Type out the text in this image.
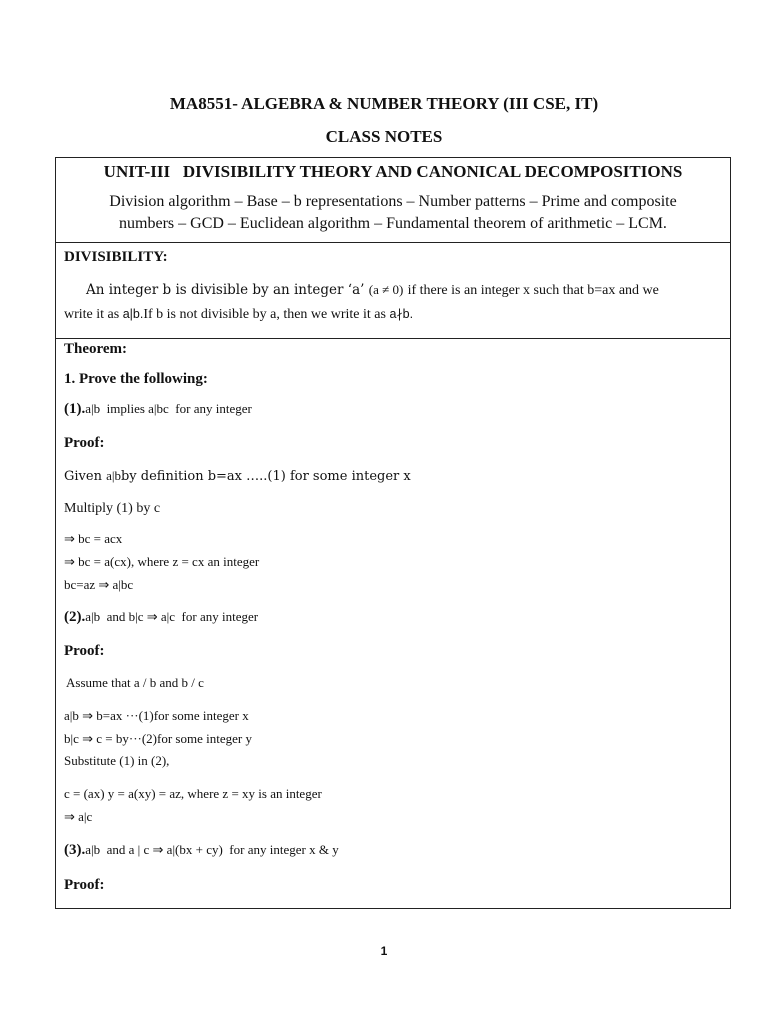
MA8551- ALGEBRA & NUMBER THEORY (III CSE, IT)
CLASS NOTES
UNIT-III   DIVISIBILITY THEORY AND CANONICAL DECOMPOSITIONS
Division algorithm – Base – b representations – Number patterns – Prime and composite
numbers – GCD – Euclidean algorithm – Fundamental theorem of arithmetic – LCM.
DIVISIBILITY:
An integer b is divisible by an integer ‘a’ (a ≠ 0) if there is an integer x such that b=ax and we
write it as a|b.If b is not divisible by a, then we write it as a∤b.
Theorem:
1. Prove the following:
(1).a|b  implies a|bc  for any integer
Proof:
Given a|bby definition b=ax …..(1) for some integer x
Multiply (1) by c
⇒ bc = acx
⇒ bc = a(cx), where z = cx an integer
bc=az ⇒ a|bc
(2).a|b  and b|c ⇒ a|c  for any integer
Proof:
Assume that a / b and b / c
a|b ⇒ b=ax ···(1)for some integer x
b|c ⇒ c = by···(2)for some integer y
Substitute (1) in (2),
c = (ax) y = a(xy) = az, where z = xy is an integer
⇒ a|c
(3).a|b  and a | c ⇒ a|(bx + cy)  for any integer x & y
Proof:
1
